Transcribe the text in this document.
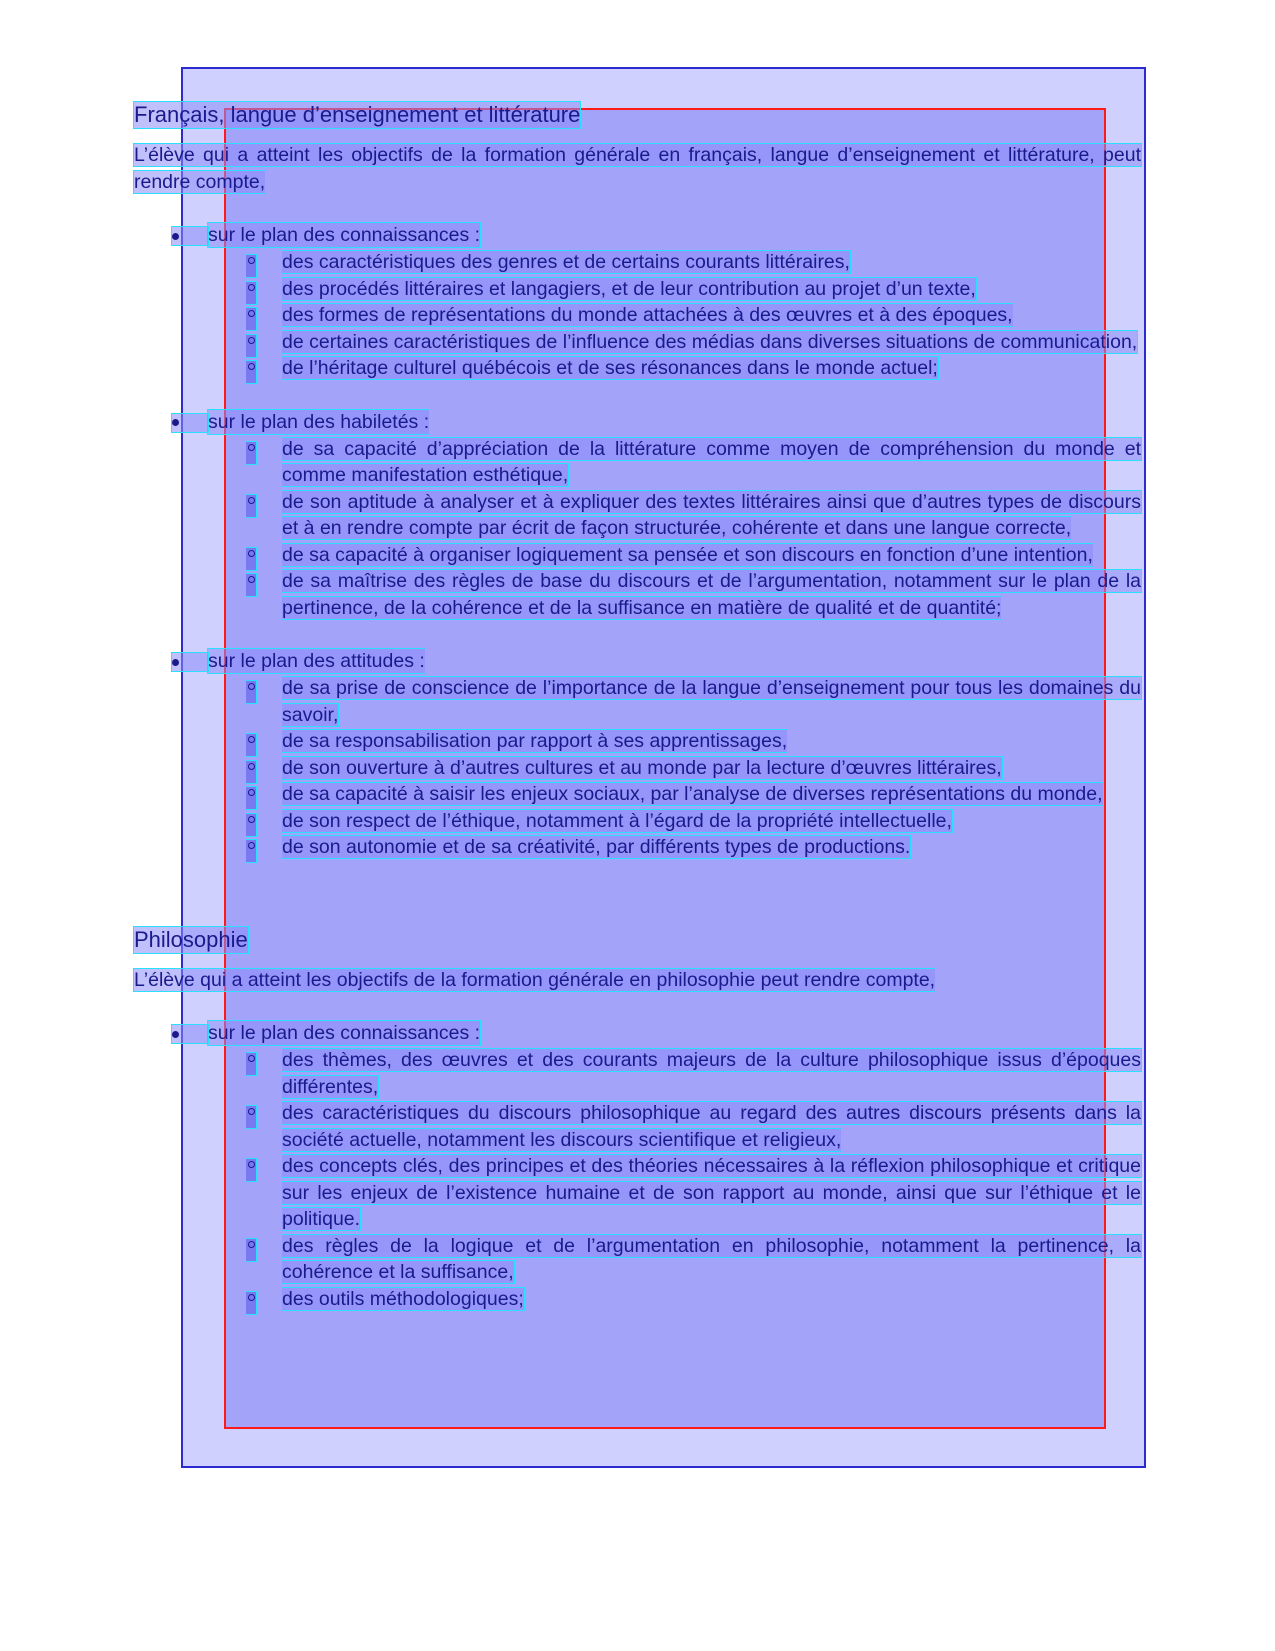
Français, langue d’enseignement et littérature

L’élève qui a atteint les objectifs de la formation générale en français, langue d’enseignement et littérature, peut rendre compte,

sur le plan des connaissances :
des caractéristiques des genres et de certains courants littéraires,
des procédés littéraires et langagiers, et de leur contribution au projet d’un texte,
des formes de représentations du monde attachées à des œuvres et à des époques,
de certaines caractéristiques de l’influence des médias dans diverses situations de communication,
de l’héritage culturel québécois et de ses résonances dans le monde actuel;
sur le plan des habiletés :
de sa capacité d’appréciation de la littérature comme moyen de compréhension du monde et comme manifestation esthétique,
de son aptitude à analyser et à expliquer des textes littéraires ainsi que d’autres types de discours et à en rendre compte par écrit de façon structurée, cohérente et dans une langue correcte,
de sa capacité à organiser logiquement sa pensée et son discours en fonction d’une intention,
de sa maîtrise des règles de base du discours et de l’argumentation, notamment sur le plan de la pertinence, de la cohérence et de la suffisance en matière de qualité et de quantité;
sur le plan des attitudes :
de sa prise de conscience de l’importance de la langue d’enseignement pour tous les domaines du savoir,
de sa responsabilisation par rapport à ses apprentissages,
de son ouverture à d’autres cultures et au monde par la lecture d’œuvres littéraires,
de sa capacité à saisir les enjeux sociaux, par l’analyse de diverses représentations du monde,
de son respect de l’éthique, notamment à l’égard de la propriété intellectuelle,
de son autonomie et de sa créativité, par différents types de productions.
Philosophie

L’élève qui a atteint les objectifs de la formation générale en philosophie peut rendre compte,

sur le plan des connaissances :
des thèmes, des œuvres et des courants majeurs de la culture philosophique issus d’époques différentes,
des caractéristiques du discours philosophique au regard des autres discours présents dans la société actuelle, notamment les discours scientifique et religieux,
des concepts clés, des principes et des théories nécessaires à la réflexion philosophique et critique sur les enjeux de l’existence humaine et de son rapport au monde, ainsi que sur l’éthique et le politique.
des règles de la logique et de l’argumentation en philosophie, notamment la pertinence, la cohérence et la suffisance,
des outils méthodologiques;
